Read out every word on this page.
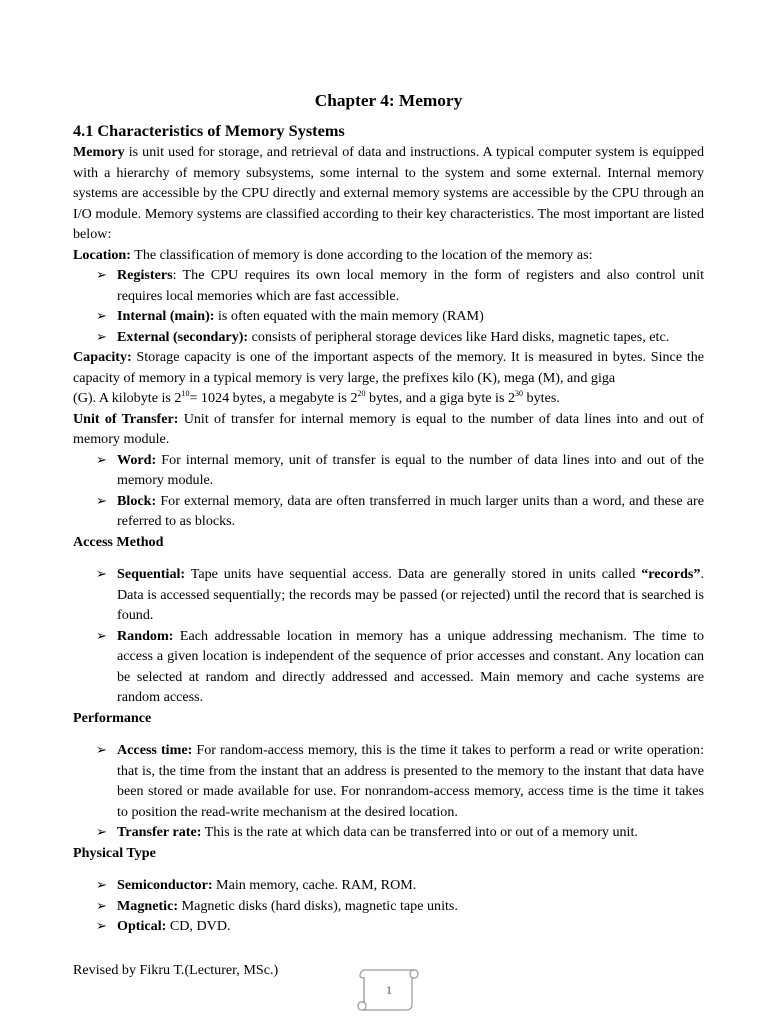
Chapter 4: Memory
4.1 Characteristics of Memory Systems

Memory is unit used for storage, and retrieval of data and instructions. A typical computer system is equipped with a hierarchy of memory subsystems, some internal to the system and some external. Internal memory systems are accessible by the CPU directly and external memory systems are accessible by the CPU through an I/O module. Memory systems are classified according to their key characteristics. The most important are listed below:

Location: The classification of memory is done according to the location of the memory as:

➢ Registers: The CPU requires its own local memory in the form of registers and also control unit requires local memories which are fast accessible.
➢ Internal (main): is often equated with the main memory (RAM)
➢ External (secondary): consists of peripheral storage devices like Hard disks, magnetic tapes, etc.

Capacity: Storage capacity is one of the important aspects of the memory. It is measured in bytes. Since the capacity of memory in a typical memory is very large, the prefixes kilo (K), mega (M), and giga

(G). A kilobyte is $2^{10}= 1024$ bytes, a megabyte is $2^{20}$ bytes, and a giga byte is $2^{30}$ bytes.

Unit of Transfer: Unit of transfer for internal memory is equal to the number of data lines into and out of memory module.

➢ Word: For internal memory, unit of transfer is equal to the number of data lines into and out of the memory module.
➢ Block: For external memory, data are often transferred in much larger units than a word, and these are referred to as blocks.
Access Method
➢ Sequential: Tape units have sequential access. Data are generally stored in units called “records”. Data is accessed sequentially; the records may be passed (or rejected) until the record that is searched is found.
➢ Random: Each addressable location in memory has a unique addressing mechanism. The time to access a given location is independent of the sequence of prior accesses and constant. Any location can be selected at random and directly addressed and accessed. Main memory and cache systems are random access.
Performance
➢ Access time: For random-access memory, this is the time it takes to perform a read or write operation: that is, the time from the instant that an address is presented to the memory to the instant that data have been stored or made available for use. For nonrandom-access memory, access time is the time it takes to position the read-write mechanism at the desired location.
➢ Transfer rate: This is the rate at which data can be transferred into or out of a memory unit.
Physical Type
➢ Semiconductor: Main memory, cache. RAM, ROM.
➢ Magnetic: Magnetic disks (hard disks), magnetic tape units.
➢ Optical: CD, DVD.
Revised by Fikru T.(Lecturer, MSc.)
1
